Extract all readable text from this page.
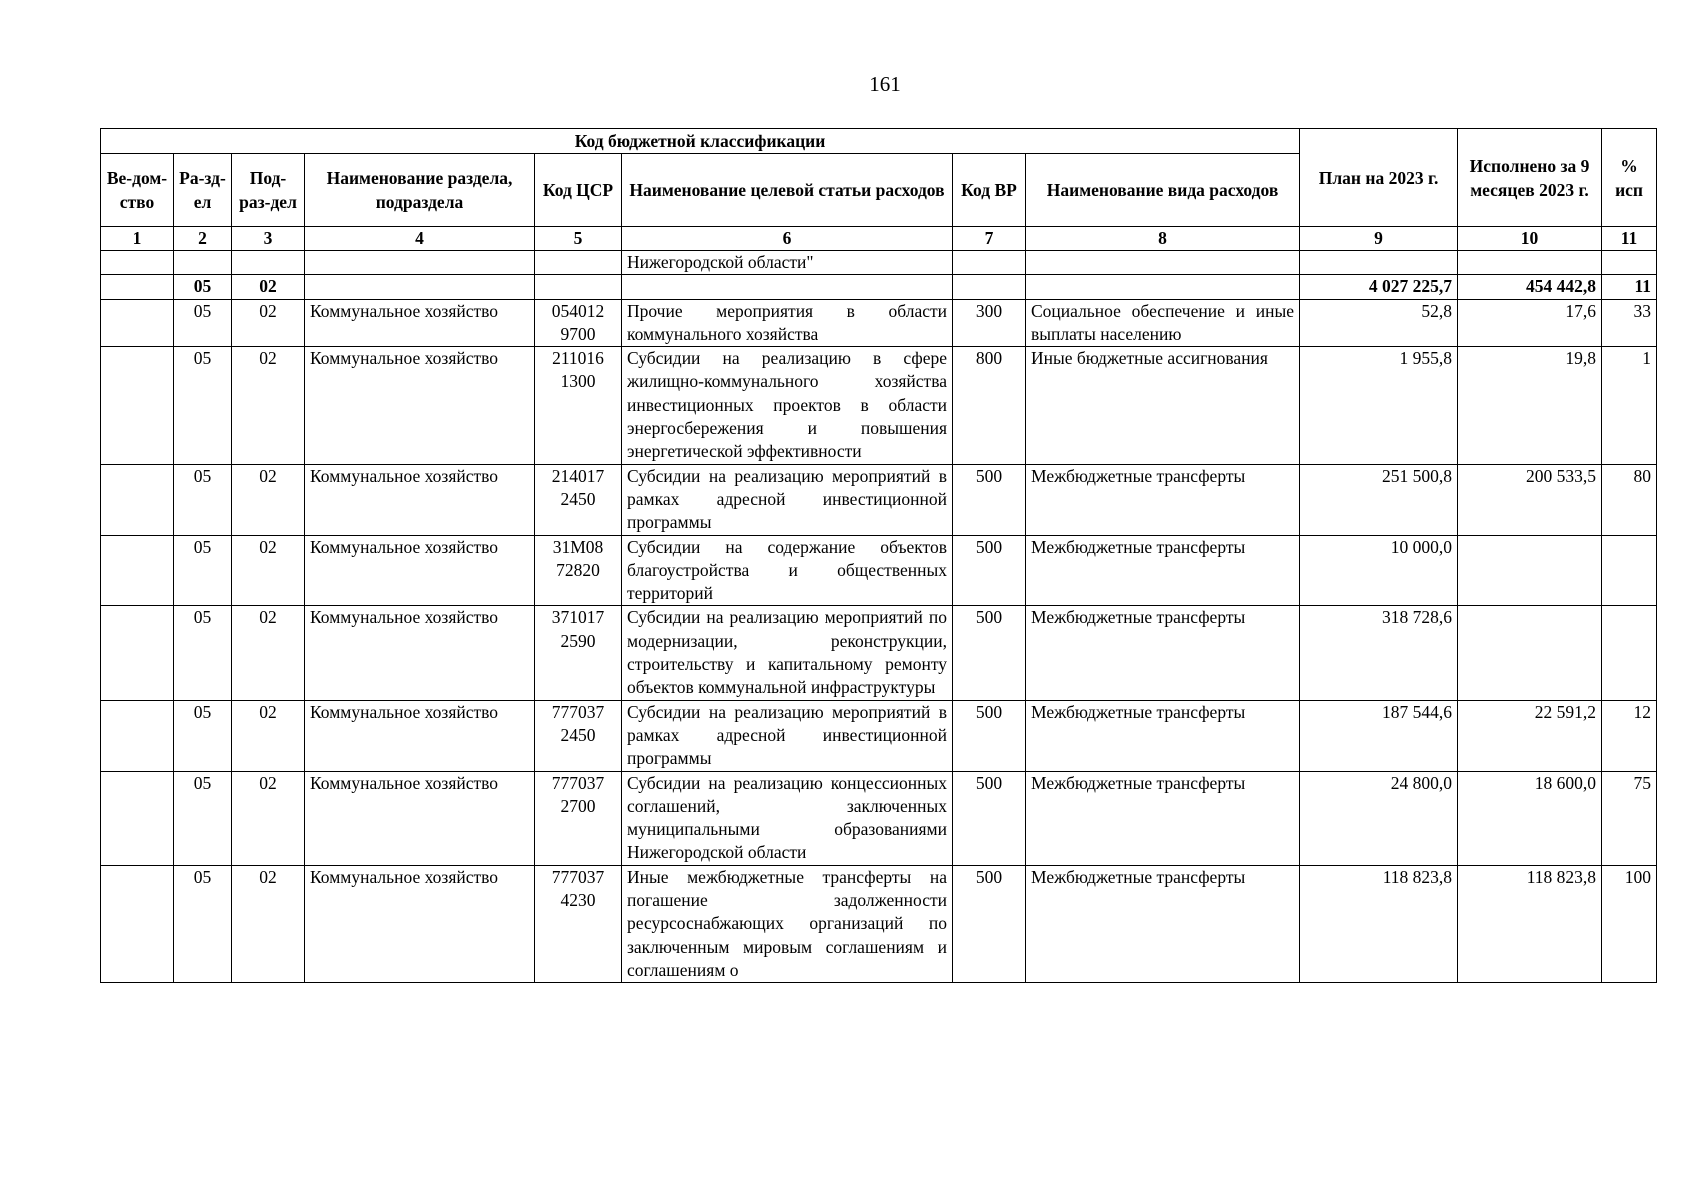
161
Код бюджетной классификации								План на 2023 г.	Исполнено за 9 месяцев 2023 г.	% исп
Ве-дом-ство	Ра-зд-ел	Под-раз-дел	Наименование раздела, подраздела	Код ЦСР	Наименование целевой статьи расходов	Код ВР	Наименование вида расходов			
1	2	3	4	5	6	7	8	9	10	11
					Нижегородской области"					
	05	02						4 027 225,7	454 442,8	11
	05	02	Коммунальное хозяйство	054012 9700	Прочие мероприятия в области коммунального хозяйства	300	Социальное обеспечение и иные выплаты населению	52,8	17,6	33
	05	02	Коммунальное хозяйство	211016 1300	Субсидии на реализацию в сфере жилищно-коммунального хозяйства инвестиционных проектов в области энергосбережения и повышения энергетической эффективности	800	Иные бюджетные ассигнования	1 955,8	19,8	1
	05	02	Коммунальное хозяйство	214017 2450	Субсидии на реализацию мероприятий в рамках адресной инвестиционной программы	500	Межбюджетные трансферты	251 500,8	200 533,5	80
	05	02	Коммунальное хозяйство	31М08 72820	Субсидии на содержание объектов благоустройства и общественных территорий	500	Межбюджетные трансферты	10 000,0		
	05	02	Коммунальное хозяйство	371017 2590	Субсидии на реализацию мероприятий по модернизации, реконструкции, строительству и капитальному ремонту объектов коммунальной инфраструктуры	500	Межбюджетные трансферты	318 728,6		
	05	02	Коммунальное хозяйство	777037 2450	Субсидии на реализацию мероприятий в рамках адресной инвестиционной программы	500	Межбюджетные трансферты	187 544,6	22 591,2	12
	05	02	Коммунальное хозяйство	777037 2700	Субсидии на реализацию концессионных соглашений, заключенных муниципальными образованиями Нижегородской области	500	Межбюджетные трансферты	24 800,0	18 600,0	75
	05	02	Коммунальное хозяйство	777037 4230	Иные межбюджетные трансферты на погашение задолженности ресурсоснабжающих организаций по заключенным мировым соглашениям и соглашениям о	500	Межбюджетные трансферты	118 823,8	118 823,8	100
